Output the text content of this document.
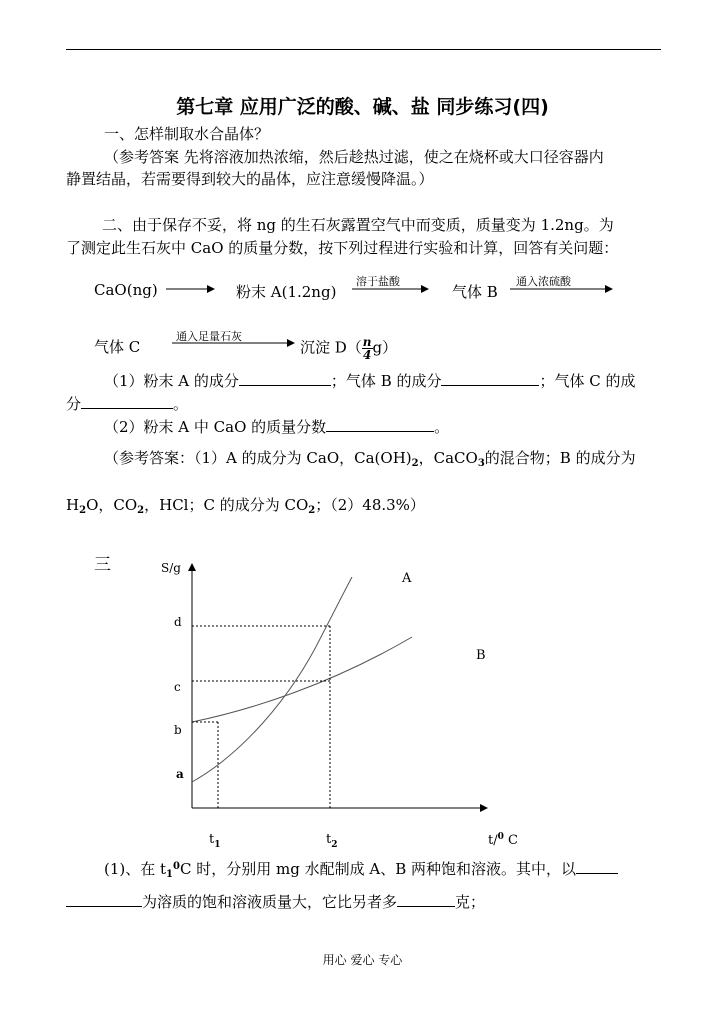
第七章 应用广泛的酸、碱、盐 同步练习(四)
一、怎样制取水合晶体？
（参考答案 先将溶液加热浓缩，然后趁热过滤，使之在烧杯或大口径容器内
静置结晶，若需要得到较大的晶体，应注意缓慢降温。）
二、由于保存不妥，将 ng 的生石灰露置空气中而变质，质量变为 1.2ng。为
了测定此生石灰中 CaO 的质量分数，按下列过程进行实验和计算，回答有关问题：
CaO(ng)	粉末 A(1.2ng)
溶于盐酸
气体 B
通入浓硫酸
气体 C
通入足量石灰
沉淀 $D( \frac{n}{4} g)$
（1）粉末 A 的成分	；气体 B 的成分	；气体 C 的成
分	。
（2）粉末 A 中 CaO 的质量分数	。
（参考答案：（1）A 的成分为 CaO，$Ca(OH)_2$，CaCO$_3$的混合物；B 的成分为
$H_2O$，$CO_2$，HCl；C 的成分为 $CO_2$；（2）48.3%）
三	S/g
d
c
b
a
A
B
$t_1$	$t_2$	t/$^0$ C
(1)、在 $t_1^0C$ 时，分别用 mg 水配制成 A、B 两种饱和溶液。其中，以
为溶质的饱和溶液质量大，它比另者多	克；
用心 爱心 专心
